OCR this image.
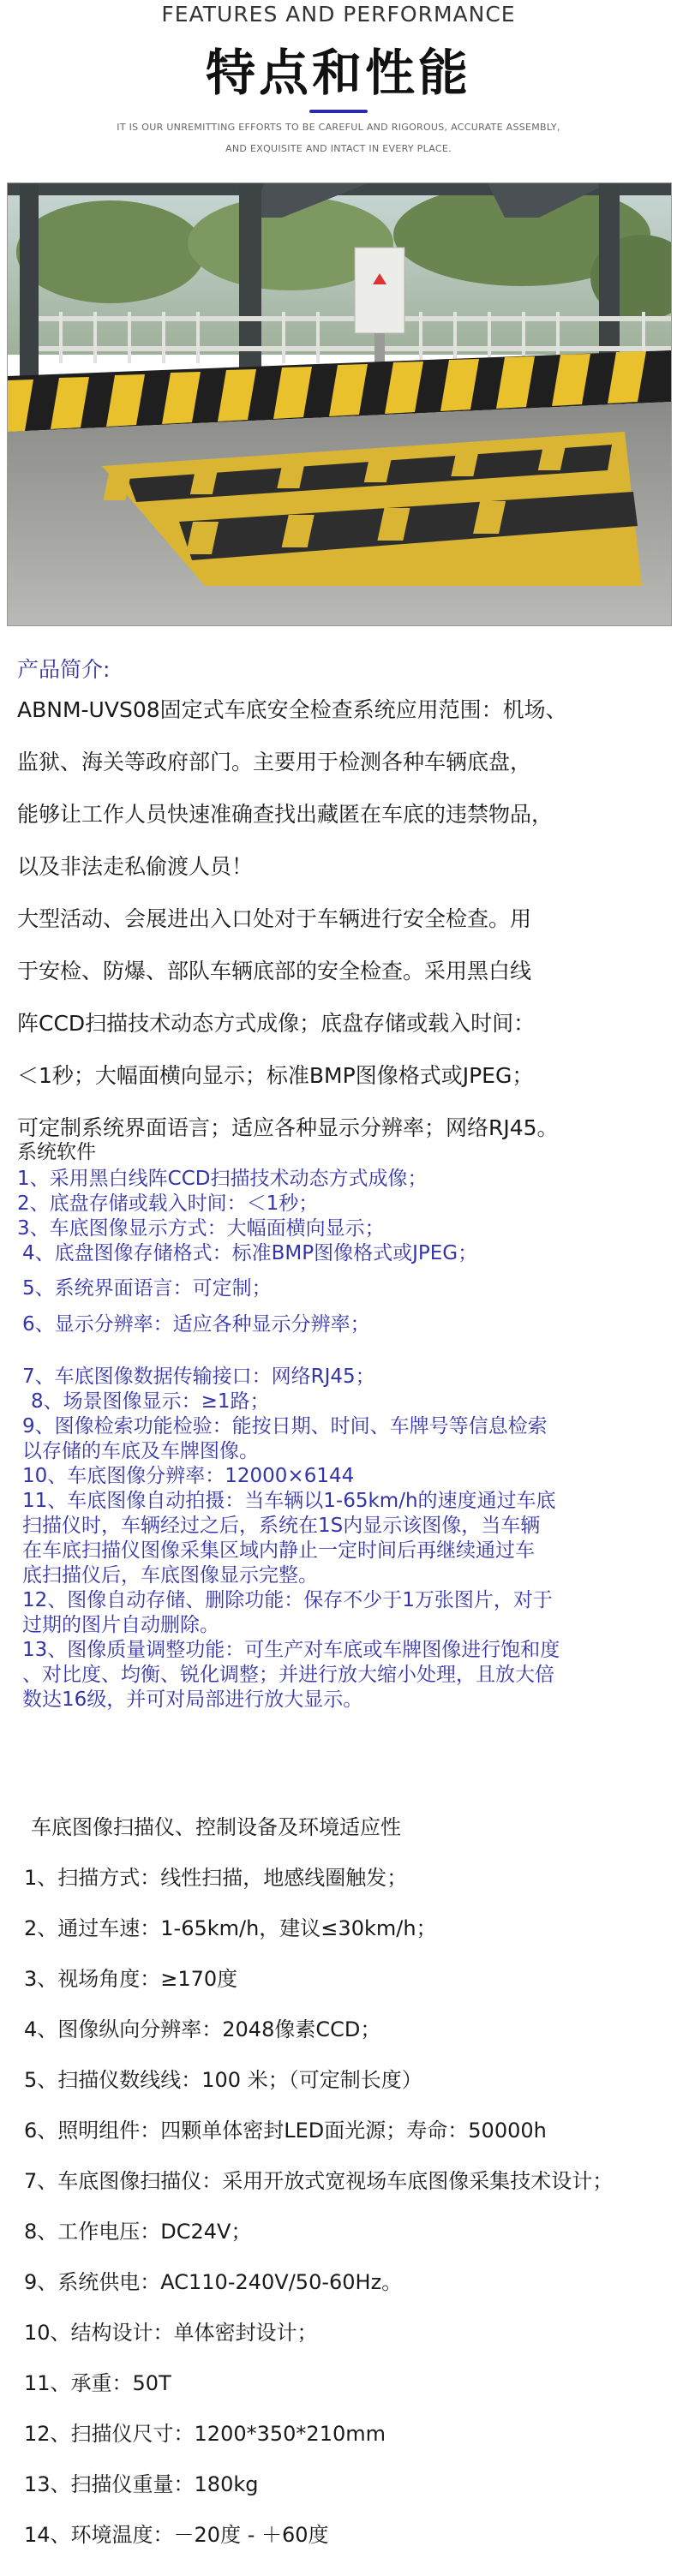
FEATURES AND PERFORMANCE
特点和性能
IT IS OUR UNREMITTING EFFORTS TO BE CAREFUL AND RIGOROUS, ACCURATE ASSEMBLY,
AND EXQUISITE AND INTACT IN EVERY PLACE.
产品简介:
ABNM-UVS08固定式车底安全检查系统应用范围：机场、
监狱、海关等政府部门。主要用于检测各种车辆底盘，
能够让工作人员快速准确查找出藏匿在车底的违禁物品，
以及非法走私偷渡人员！
大型活动、会展进出入口处对于车辆进行安全检查。用
于安检、防爆、部队车辆底部的安全检查。采用黑白线
阵CCD扫描技术动态方式成像；底盘存储或载入时间：
＜1秒；大幅面横向显示；标准BMP图像格式或JPEG；
可定制系统界面语言；适应各种显示分辨率；网络RJ45。
系统软件
1、采用黑白线阵CCD扫描技术动态方式成像；
2、底盘存储或载入时间：＜1秒；
3、车底图像显示方式：大幅面横向显示；
4、底盘图像存储格式：标准BMP图像格式或JPEG；
5、系统界面语言：可定制；
6、显示分辨率：适应各种显示分辨率；
7、车底图像数据传输接口：网络RJ45；
8、场景图像显示：≥1路；
9、图像检索功能检验：能按日期、时间、车牌号等信息检索
以存储的车底及车牌图像。
10、车底图像分辨率：12000×6144
11、车底图像自动拍摄：当车辆以1-65km/h的速度通过车底
扫描仪时，车辆经过之后，系统在1S内显示该图像，当车辆
在车底扫描仪图像采集区域内静止一定时间后再继续通过车
底扫描仪后，车底图像显示完整。
12、图像自动存储、删除功能：保存不少于1万张图片，对于
过期的图片自动删除。
13、图像质量调整功能：可生产对车底或车牌图像进行饱和度
、对比度、均衡、锐化调整；并进行放大缩小处理，且放大倍
数达16级，并可对局部进行放大显示。
车底图像扫描仪、控制设备及环境适应性
1、扫描方式：线性扫描，地感线圈触发；
2、通过车速：1-65km/h，建议≤30km/h；
3、视场角度：≥170度
4、图像纵向分辨率：2048像素CCD；
5、扫描仪数线线：100 米；（可定制长度）
6、照明组件：四颗单体密封LED面光源；寿命：50000h
7、车底图像扫描仪：采用开放式宽视场车底图像采集技术设计；
8、工作电压：DC24V；
9、系统供电：AC110-240V/50-60Hz。
10、结构设计：单体密封设计；
11、承重：50T
12、扫描仪尺寸：1200*350*210mm
13、扫描仪重量：180kg
14、环境温度：－20度 - ＋60度
